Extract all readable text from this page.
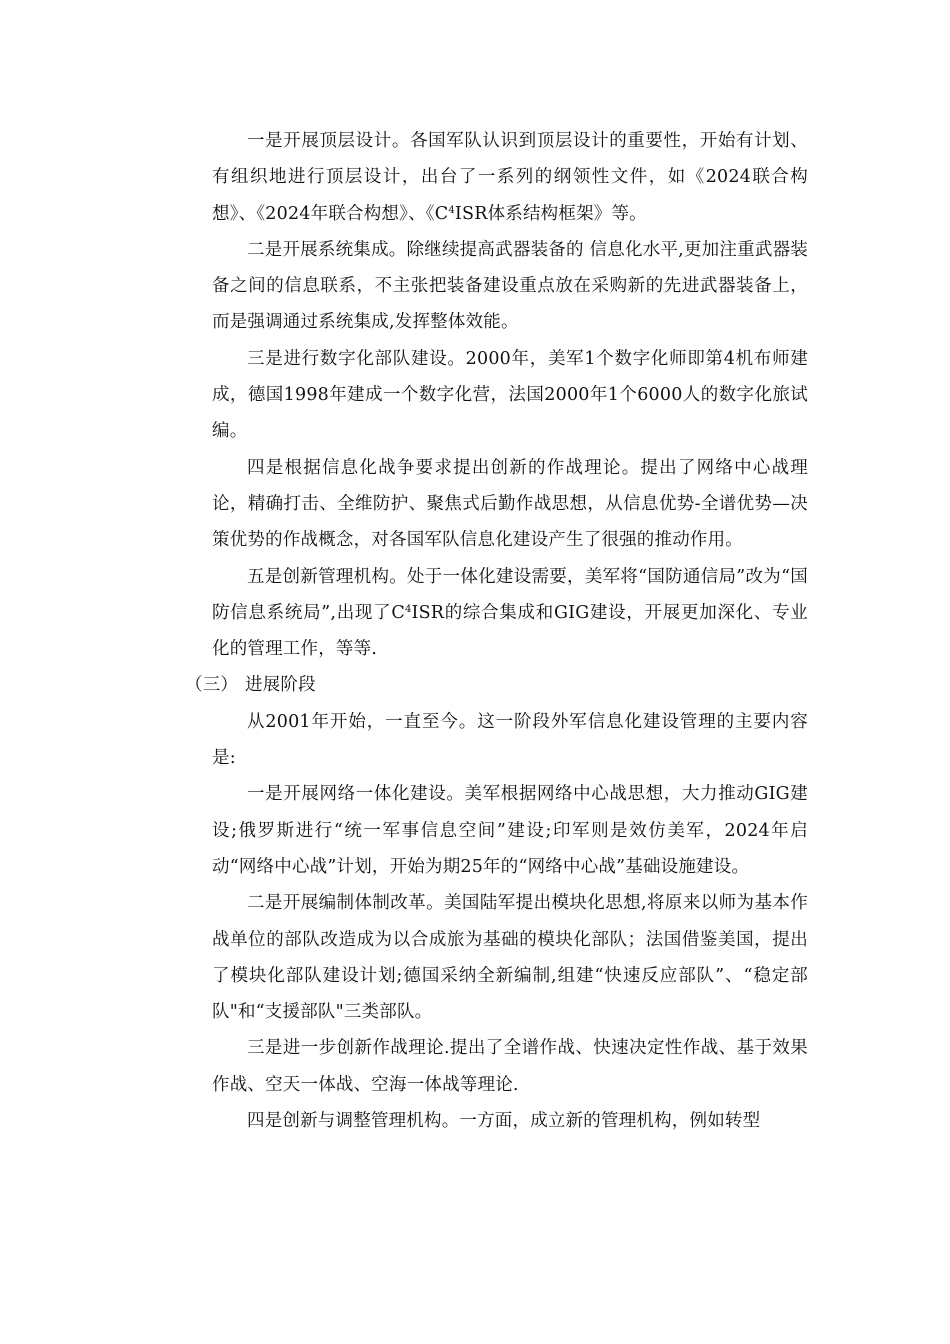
一是开展顶层设计。各国军队认识到顶层设计的重要性，开始有计划、有组织地进行顶层设计，出台了一系列的纲领性文件，如《2024联合构想》、《2024年联合构想》、《$C^4ISR$体系结构框架》等。

二是开展系统集成。除继续提高武器装备的 信息化水平,更加注重武器装备之间的信息联系，不主张把装备建设重点放在采购新的先进武器装备上，而是强调通过系统集成,发挥整体效能。

三是进行数字化部队建设。2000年，美军1个数字化师即第4机布师建成，德国1998年建成一个数字化营，法国2000年1个6000人的数字化旅试编。

四是根据信息化战争要求提出创新的作战理论。提出了网络中心战理论，精确打击、全维防护、聚焦式后勤作战思想，从信息优势-全谱优势—决策优势的作战概念，对各国军队信息化建设产生了很强的推动作用。

五是创新管理机构。处于一体化建设需要，美军将“国防通信局”改为“国防信息系统局”,出现了$C^4ISR$的综合集成和GIG建设，开展更加深化、专业化的管理工作，等等.

（三） 进展阶段

从2001年开始，一直至今。这一阶段外军信息化建设管理的主要内容是:

一是开展网络一体化建设。美军根据网络中心战思想，大力推动GIG建设;俄罗斯进行“统一军事信息空间”建设;印军则是效仿美军，2024年启动“网络中心战”计划，开始为期25年的“网络中心战”基础设施建设。

二是开展编制体制改革。美国陆军提出模块化思想,将原来以师为基本作战单位的部队改造成为以合成旅为基础的模块化部队；法国借鉴美国，提出了模块化部队建设计划;德国采纳全新编制,组建“快速反应部队”、“稳定部队"和“支援部队"三类部队。

三是进一步创新作战理论.提出了全谱作战、快速决定性作战、基于效果作战、空天一体战、空海一体战等理论.

四是创新与调整管理机构。一方面，成立新的管理机构，例如转型
